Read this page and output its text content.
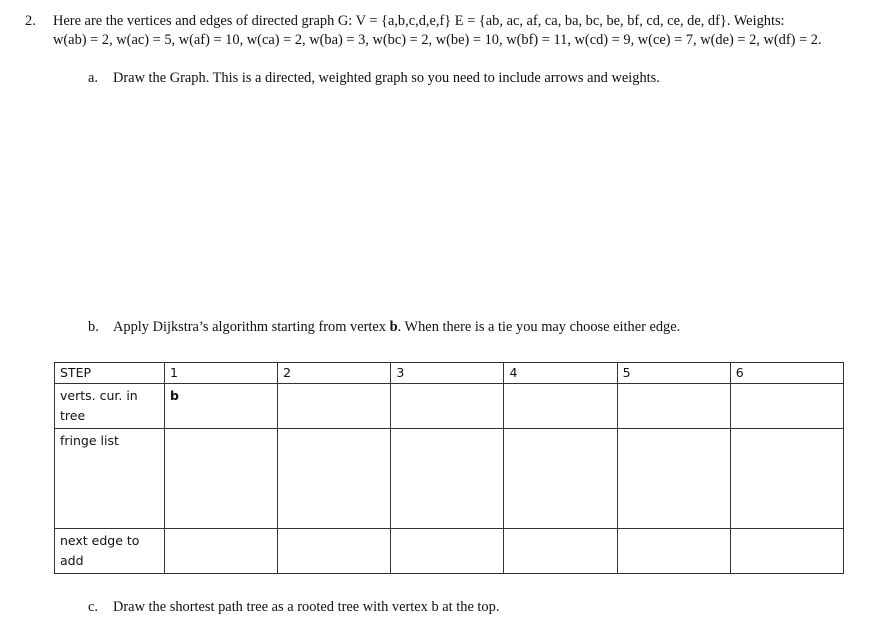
2. Here are the vertices and edges of directed graph G: V = {a,b,c,d,e,f} E = {ab, ac, af, ca, ba, bc, be, bf, cd, ce, de, df}. Weights:
w(ab) = 2, w(ac) = 5, w(af) = 10, w(ca) = 2, w(ba) = 3, w(bc) = 2, w(be) = 10, w(bf) = 11, w(cd) = 9, w(ce) = 7, w(de) = 2, w(df) = 2.
a. Draw the Graph. This is a directed, weighted graph so you need to include arrows and weights.
b. Apply Dijkstra’s algorithm starting from vertex b. When there is a tie you may choose either edge.
STEP	1	2	3	4	5	6
verts. cur. in tree	b					
fringe list						
next edge to add						
c. Draw the shortest path tree as a rooted tree with vertex b at the top.
